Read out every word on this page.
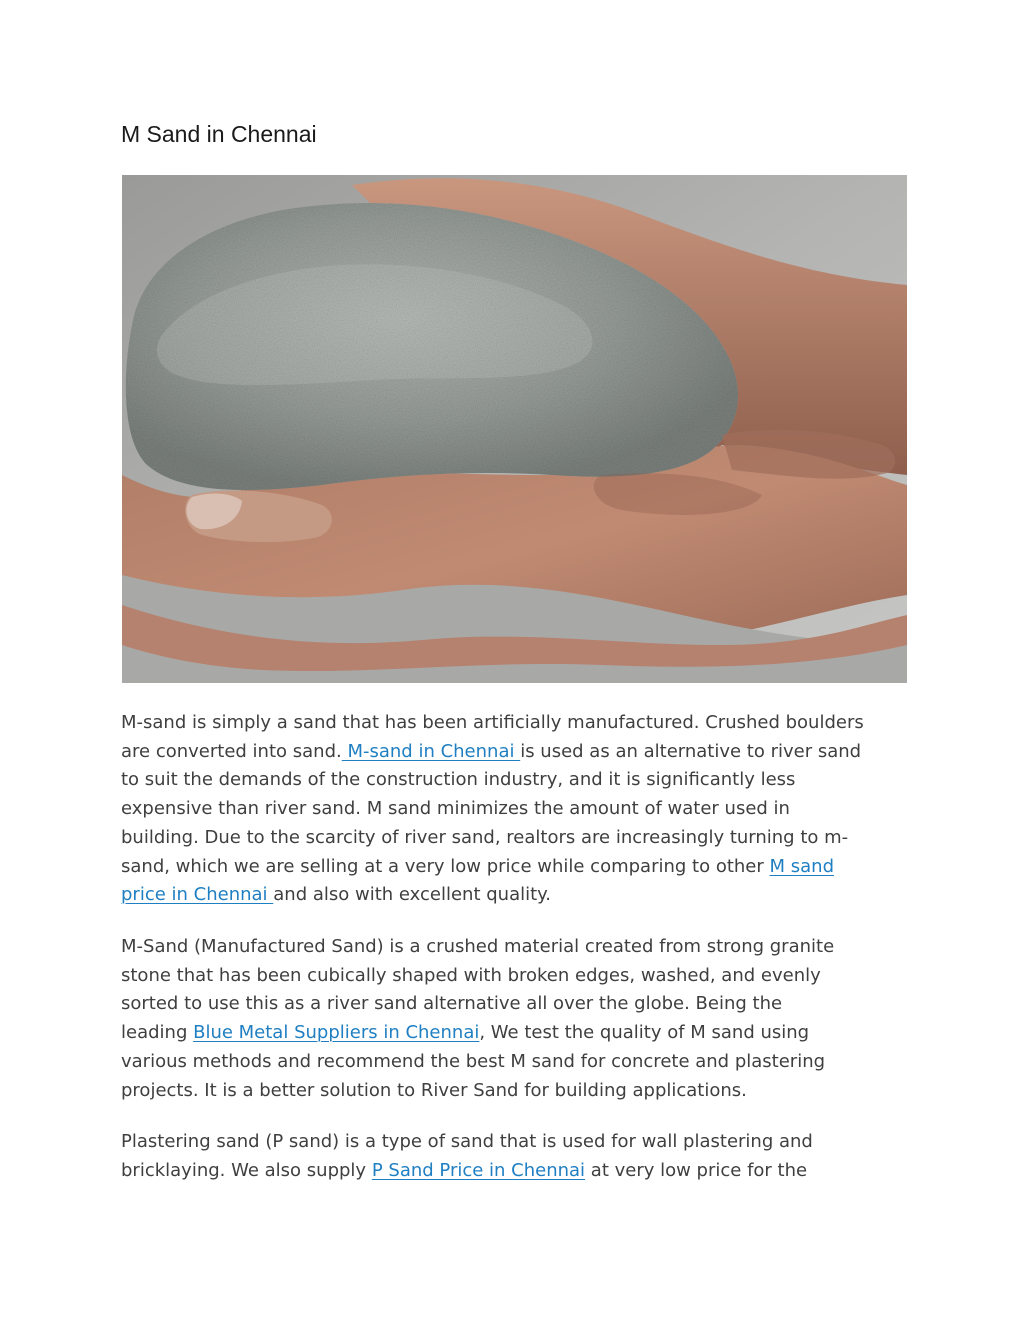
M Sand in Chennai

M-sand is simply a sand that has been artificially manufactured. Crushed boulders
are converted into sand. M-sand in Chennai is used as an alternative to river sand
to suit the demands of the construction industry, and it is significantly less
expensive than river sand. M sand minimizes the amount of water used in
building. Due to the scarcity of river sand, realtors are increasingly turning to m-
sand, which we are selling at a very low price while comparing to other M sand
price in Chennai and also with excellent quality.

M-Sand (Manufactured Sand) is a crushed material created from strong granite
stone that has been cubically shaped with broken edges, washed, and evenly
sorted to use this as a river sand alternative all over the globe. Being the
leading Blue Metal Suppliers in Chennai, We test the quality of M sand using
various methods and recommend the best M sand for concrete and plastering
projects. It is a better solution to River Sand for building applications.

Plastering sand (P sand) is a type of sand that is used for wall plastering and
bricklaying. We also supply P Sand Price in Chennai at very low price for the
